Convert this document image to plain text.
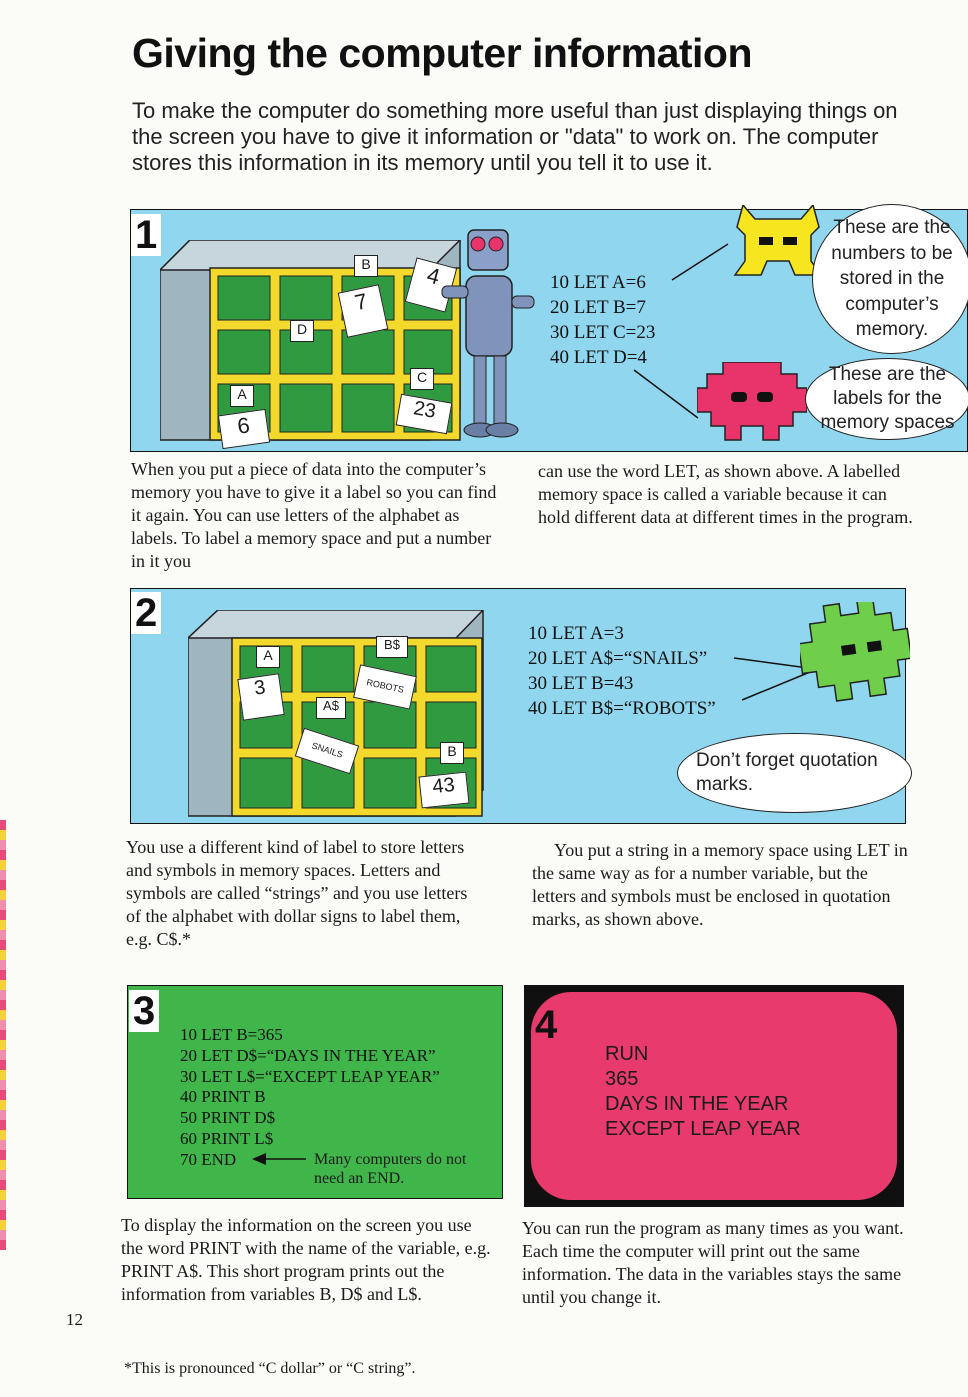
Giving the computer information
To make the computer do something more useful than just displaying things on the screen you have to give it information or "data" to work on. The computer stores this information in its memory until you tell it to use it.
1
B
D
A
C
4
7
6
23
10 LET A=6
20 LET B=7
30 LET C=23
40 LET D=4
These are the numbers to be stored in the computer’s memory.
These are the labels for the memory spaces
When you put a piece of data into the computer’s memory you have to give it a label so you can find it again. You can use letters of the alphabet as labels. To label a memory space and put a number in it you
can use the word LET, as shown above. A labelled memory space is called a variable because it can hold different data at different times in the program.
2
A
B$
A$
B
3	ROBOTS
SNAILS
43
10 LET A=3
20 LET A$=“SNAILS”
30 LET B=43
40 LET B$=“ROBOTS”
Don’t forget quotation marks.
You use a different kind of label to store letters and symbols in memory spaces. Letters and symbols are called “strings” and you use letters of the alphabet with dollar signs to label them, e.g. C$.*
You put a string in a memory space using LET in the same way as for a number variable, but the letters and symbols must be enclosed in quotation marks, as shown above.
3
10 LET B=365
20 LET D$=“DAYS IN THE YEAR”
30 LET L$=“EXCEPT LEAP YEAR”
40 PRINT B
50 PRINT D$
60 PRINT L$
70 END	Many computers do not need an END.
To display the information on the screen you use the word PRINT with the name of the variable, e.g. PRINT A$. This short program prints out the information from variables B, D$ and L$.
4
RUN
365
DAYS IN THE YEAR
EXCEPT LEAP YEAR
You can run the program as many times as you want. Each time the computer will print out the same information. The data in the variables stays the same until you change it.
12
*This is pronounced “C dollar” or “C string”.
